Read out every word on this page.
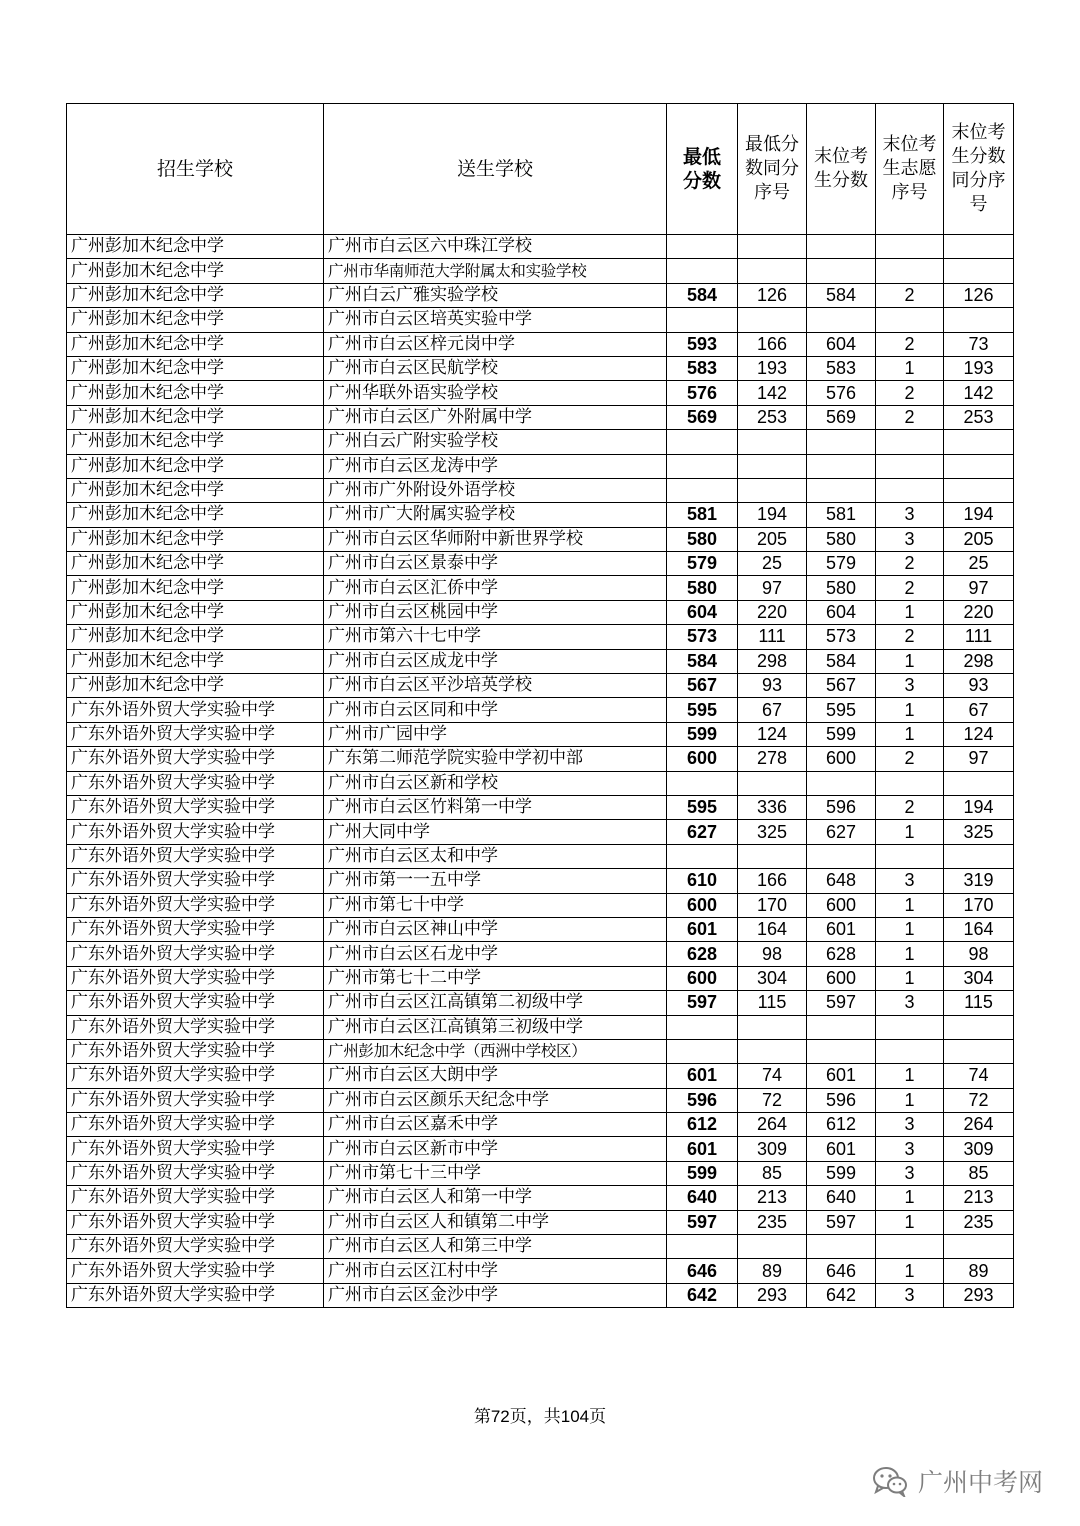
招生学校	送生学校	最低分数	最低分数同分序号	末位考生分数	末位考生志愿序号	末位考生分数同分序号
广州彭加木纪念中学	广州市白云区六中珠江学校					
广州彭加木纪念中学	广州市华南师范大学附属太和实验学校					
广州彭加木纪念中学	广州白云广雅实验学校	584	126	584	2	126
广州彭加木纪念中学	广州市白云区培英实验中学					
广州彭加木纪念中学	广州市白云区梓元岗中学	593	166	604	2	73
广州彭加木纪念中学	广州市白云区民航学校	583	193	583	1	193
广州彭加木纪念中学	广州华联外语实验学校	576	142	576	2	142
广州彭加木纪念中学	广州市白云区广外附属中学	569	253	569	2	253
广州彭加木纪念中学	广州白云广附实验学校					
广州彭加木纪念中学	广州市白云区龙涛中学					
广州彭加木纪念中学	广州市广外附设外语学校					
广州彭加木纪念中学	广州市广大附属实验学校	581	194	581	3	194
广州彭加木纪念中学	广州市白云区华师附中新世界学校	580	205	580	3	205
广州彭加木纪念中学	广州市白云区景泰中学	579	25	579	2	25
广州彭加木纪念中学	广州市白云区汇侨中学	580	97	580	2	97
广州彭加木纪念中学	广州市白云区桃园中学	604	220	604	1	220
广州彭加木纪念中学	广州市第六十七中学	573	111	573	2	111
广州彭加木纪念中学	广州市白云区成龙中学	584	298	584	1	298
广州彭加木纪念中学	广州市白云区平沙培英学校	567	93	567	3	93
广东外语外贸大学实验中学	广州市白云区同和中学	595	67	595	1	67
广东外语外贸大学实验中学	广州市广园中学	599	124	599	1	124
广东外语外贸大学实验中学	广东第二师范学院实验中学初中部	600	278	600	2	97
广东外语外贸大学实验中学	广州市白云区新和学校					
广东外语外贸大学实验中学	广州市白云区竹料第一中学	595	336	596	2	194
广东外语外贸大学实验中学	广州大同中学	627	325	627	1	325
广东外语外贸大学实验中学	广州市白云区太和中学					
广东外语外贸大学实验中学	广州市第一一五中学	610	166	648	3	319
广东外语外贸大学实验中学	广州市第七十中学	600	170	600	1	170
广东外语外贸大学实验中学	广州市白云区神山中学	601	164	601	1	164
广东外语外贸大学实验中学	广州市白云区石龙中学	628	98	628	1	98
广东外语外贸大学实验中学	广州市第七十二中学	600	304	600	1	304
广东外语外贸大学实验中学	广州市白云区江高镇第二初级中学	597	115	597	3	115
广东外语外贸大学实验中学	广州市白云区江高镇第三初级中学					
广东外语外贸大学实验中学	广州彭加木纪念中学（西洲中学校区）					
广东外语外贸大学实验中学	广州市白云区大朗中学	601	74	601	1	74
广东外语外贸大学实验中学	广州市白云区颜乐天纪念中学	596	72	596	1	72
广东外语外贸大学实验中学	广州市白云区嘉禾中学	612	264	612	3	264
广东外语外贸大学实验中学	广州市白云区新市中学	601	309	601	3	309
广东外语外贸大学实验中学	广州市第七十三中学	599	85	599	3	85
广东外语外贸大学实验中学	广州市白云区人和第一中学	640	213	640	1	213
广东外语外贸大学实验中学	广州市白云区人和镇第二中学	597	235	597	1	235
广东外语外贸大学实验中学	广州市白云区人和第三中学					
广东外语外贸大学实验中学	广州市白云区江村中学	646	89	646	1	89
广东外语外贸大学实验中学	广州市白云区金沙中学	642	293	642	3	293
第72页，共104页
广州中考网
